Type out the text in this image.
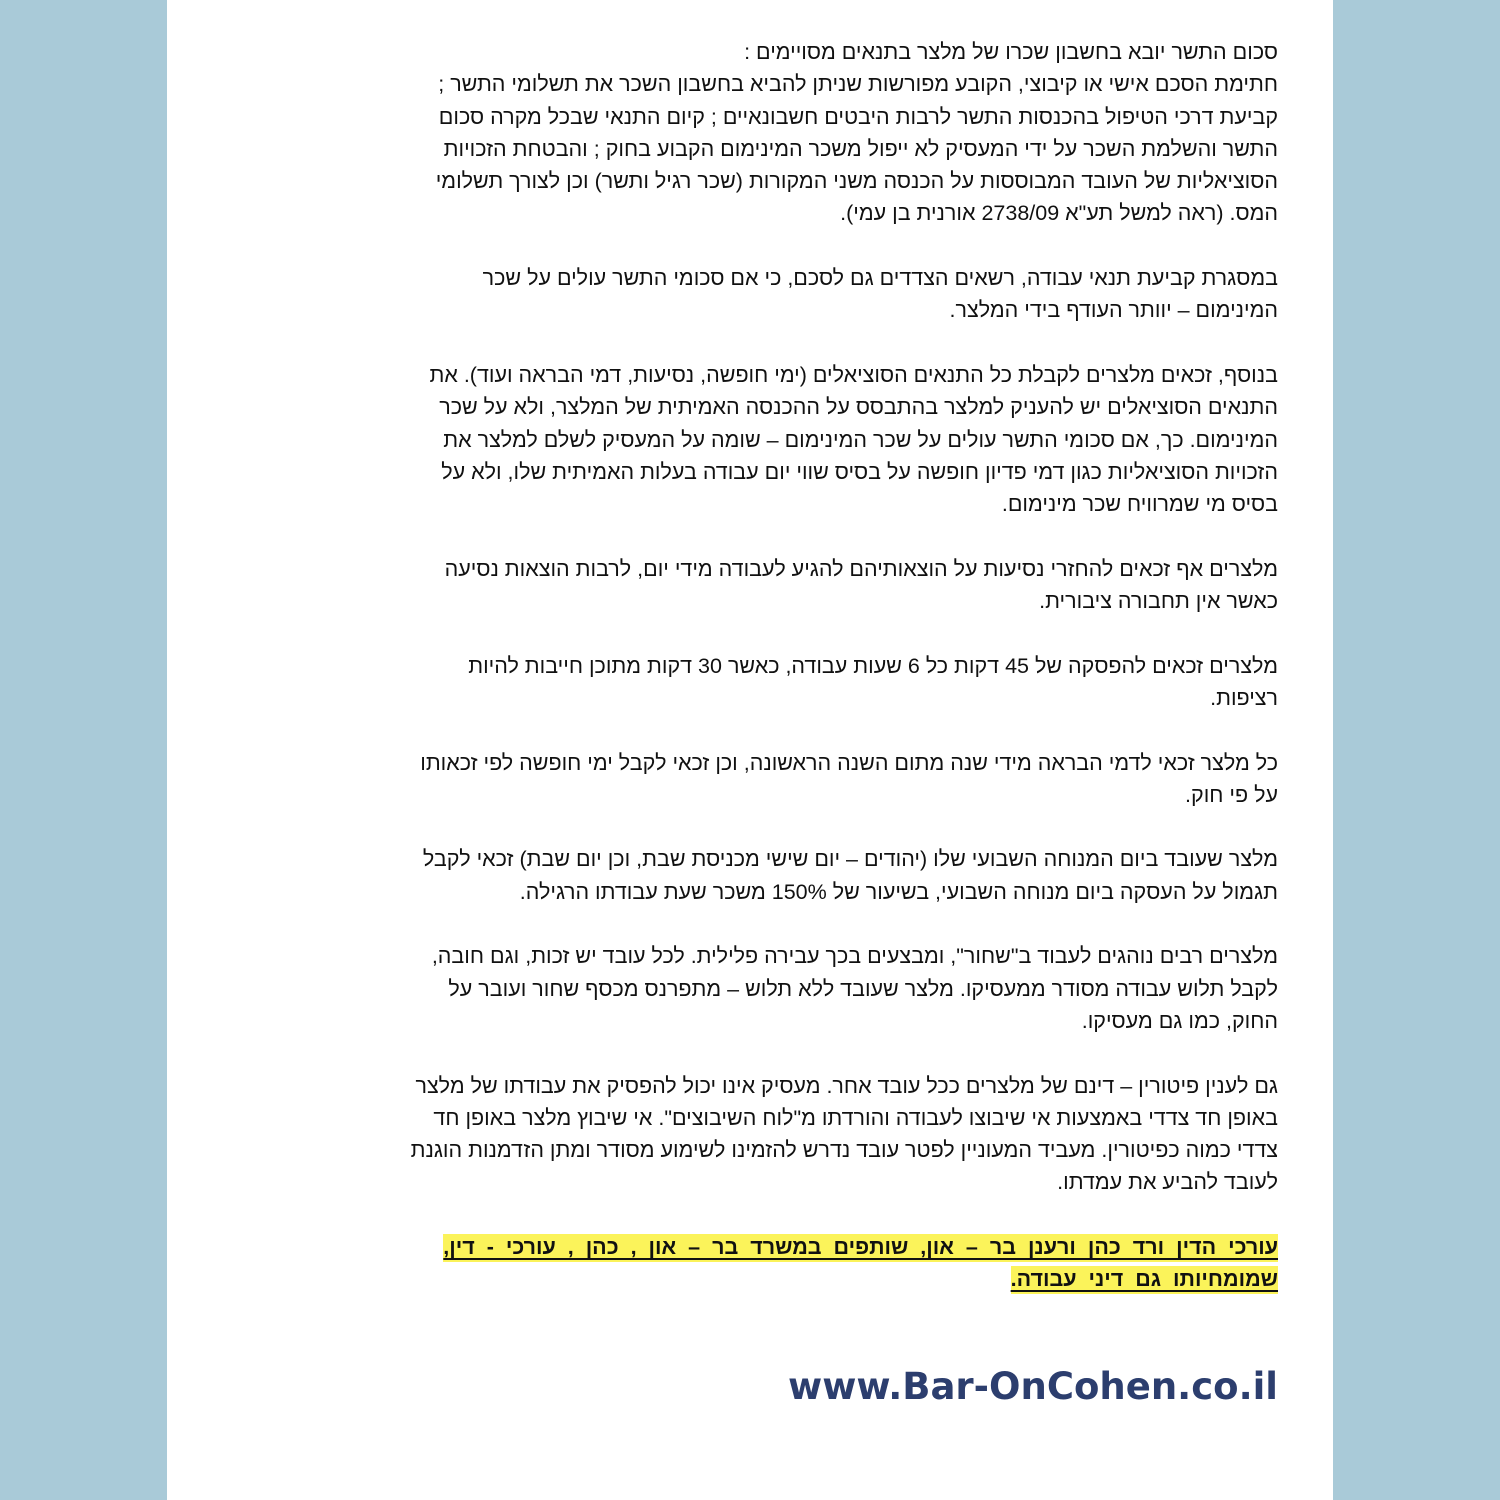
סכום התשר יובא בחשבון שכרו של מלצר בתנאים מסויימים :
חתימת הסכם אישי או קיבוצי, הקובע מפורשות שניתן להביא בחשבון השכר את תשלומי התשר ;
קביעת דרכי הטיפול בהכנסות התשר לרבות היבטים חשבונאיים ; קיום התנאי שבכל מקרה סכום
התשר והשלמת השכר על ידי המעסיק לא ייפול משכר המינימום הקבוע בחוק ; והבטחת הזכויות
הסוציאליות של העובד המבוססות על הכנסה משני המקורות (שכר רגיל ותשר) וכן לצורך תשלומי
המס. (ראה למשל תע"א 2738/09 אורנית בן עמי).

במסגרת קביעת תנאי עבודה, רשאים הצדדים גם לסכם, כי אם סכומי התשר עולים על שכר
המינימום – יוותר העודף בידי המלצר.

בנוסף, זכאים מלצרים לקבלת כל התנאים הסוציאלים (ימי חופשה, נסיעות, דמי הבראה ועוד). את
התנאים הסוציאלים יש להעניק למלצר בהתבסס על ההכנסה האמיתית של המלצר, ולא על שכר
המינימום. כך, אם סכומי התשר עולים על שכר המינימום – שומה על המעסיק לשלם למלצר את
הזכויות הסוציאליות כגון דמי פדיון חופשה על בסיס שווי יום עבודה בעלות האמיתית שלו, ולא על
בסיס מי שמרוויח שכר מינימום.

מלצרים אף זכאים להחזרי נסיעות על הוצאותיהם להגיע לעבודה מידי יום, לרבות הוצאות נסיעה
כאשר אין תחבורה ציבורית.

מלצרים זכאים להפסקה של 45 דקות כל 6 שעות עבודה, כאשר 30 דקות מתוכן חייבות להיות
רציפות.

כל מלצר זכאי לדמי הבראה מידי שנה מתום השנה הראשונה, וכן זכאי לקבל ימי חופשה לפי זכאותו
על פי חוק.

מלצר שעובד ביום המנוחה השבועי שלו (יהודים – יום שישי מכניסת שבת, וכן יום שבת) זכאי לקבל
תגמול על העסקה ביום מנוחה השבועי, בשיעור של 150% משכר שעת עבודתו הרגילה.

מלצרים רבים נוהגים לעבוד ב"שחור", ומבצעים בכך עבירה פלילית. לכל עובד יש זכות, וגם חובה,
לקבל תלוש עבודה מסודר ממעסיקו. מלצר שעובד ללא תלוש – מתפרנס מכסף שחור ועובר על
החוק, כמו גם מעסיקו.

גם לענין פיטורין – דינם של מלצרים ככל עובד אחר. מעסיק אינו יכול להפסיק את עבודתו של מלצר
באופן חד צדדי באמצעות אי שיבוצו לעבודה והורדתו מ"לוח השיבוצים". אי שיבוץ מלצר באופן חד
צדדי כמוה כפיטורין. מעביד המעוניין לפטר עובד נדרש להזמינו לשימוע מסודר ומתן הזדמנות הוגנת
לעובד להביע את עמדתו.

עורכי הדין ורד כהן ורענן בר – און, שותפים במשרד בר – און , כהן , עורכי - דין,
שמומחיותו גם דיני עבודה.

www.Bar-OnCohen.co.il
